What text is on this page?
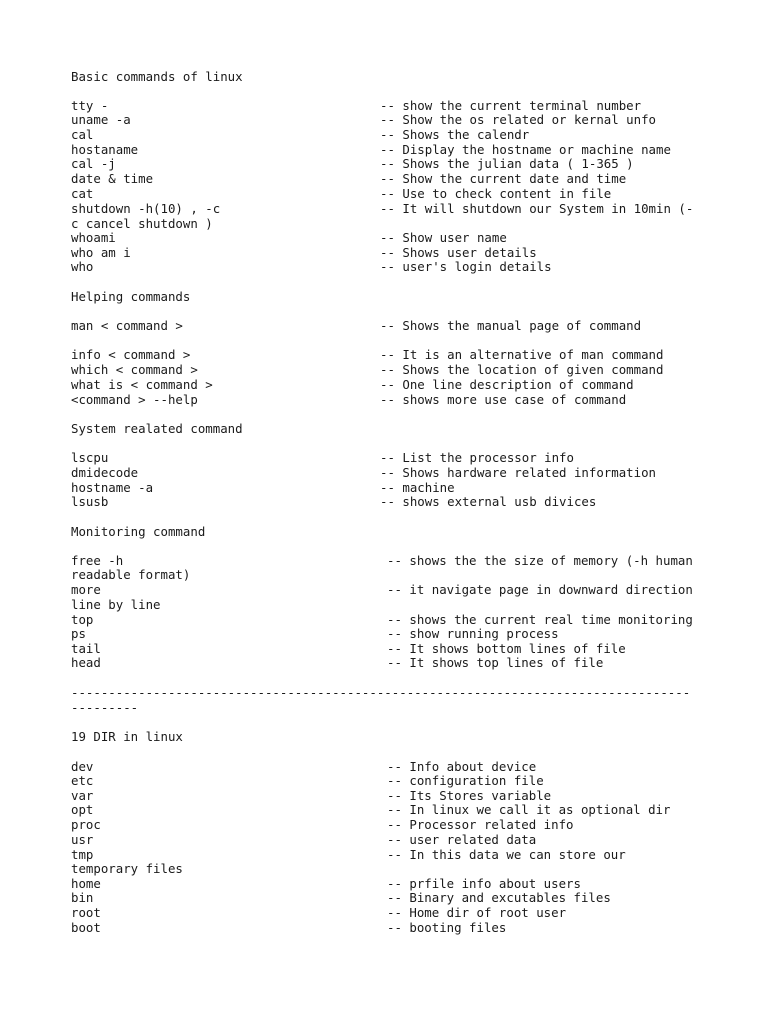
Basic commands of linux
tty -	-- show the current terminal number
uname -a	-- Show the os related or kernal unfo
cal	-- Shows the calendr
hostaname	-- Display the hostname or machine name
cal -j	-- Shows the julian data ( 1-365 )
date & time	-- Show the current date and time
cat	-- Use to check content in file
shutdown -h(10) , -c	-- It will shutdown our System in 10min (-
c cancel shutdown )
whoami	-- Show user name
who am i	-- Shows user details
who	-- user's login details
Helping commands
man < command >	-- Shows the manual page of command
info < command >	-- It is an alternative of man command
which < command >	-- Shows the location of given command
what is < command >	-- One line description of command
<command > --help	-- shows more use case of command
System realated command
lscpu	-- List the processor info
dmidecode	-- Shows hardware related information
hostname -a	-- machine
lsusb	-- shows external usb divices
Monitoring command
free -h	-- shows the the size of memory (-h human
readable format)
more	-- it navigate page in downward direction
line by line
top	-- shows the current real time monitoring
ps	-- show running process
tail	-- It shows bottom lines of file
head	-- It shows top lines of file
-----------------------------------------------------------------------------------
---------
19 DIR in linux
dev	-- Info about device
etc	-- configuration file
var	-- Its Stores variable
opt	-- In linux we call it as optional dir
proc	-- Processor related info
usr	-- user related data
tmp	-- In this data we can store our
temporary files
home	-- prfile info about users
bin	-- Binary and excutables files
root	-- Home dir of root user
boot	-- booting files
